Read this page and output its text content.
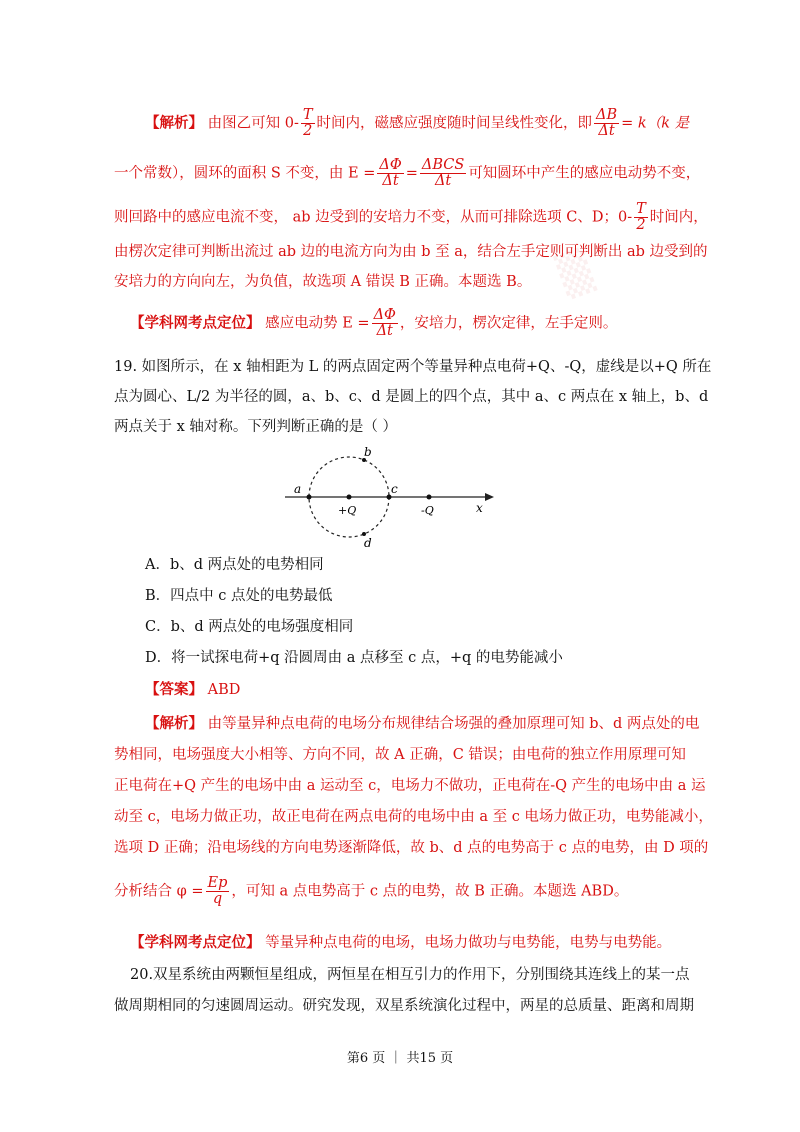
▒
【解析】 由图乙可知 $0- \frac{T}{2}$ 时间内，磁感应强度随时间呈线性变化，即 $\frac{\Delta B}{\Delta t} = k(k$ 是
一个常数），圆环的面积 S 不变，由 $E = \frac{\Delta\Phi}{\Delta t} = \frac{\text{ΔBCS}}{\Delta t}$ 可知圆环中产生的感应电动势不变，
则回路中的感应电流不变， ab 边受到的安培力不变，从而可排除选项 C、D；$0- \frac{T}{2}$ 时间内，
由楞次定律可判断出流过 ab 边的电流方向为由 b 至 a，结合左手定则可判断出 ab 边受到的
安培力的方向向左，为负值，故选项 A 错误 B 正确。本题选 B。
【学科网考点定位】 感应电动势 $E = \frac{\Delta\Phi}{\Delta t}$ ，安培力，楞次定律，左手定则。
19. 如图所示，在 x 轴相距为 L 的两点固定两个等量异种点电荷+Q、-Q，虚线是以+Q 所在
点为圆心、L/2 为半径的圆，a、b、c、d 是圆上的四个点，其中 a、c 两点在 x 轴上，b、d
两点关于 x 轴对称。下列判断正确的是（ ）
a
b
c
d
+Q	-Q	x
A．b、d 两点处的电势相同
B．四点中 c 点处的电势最低
C．b、d 两点处的电场强度相同
D．将一试探电荷+q 沿圆周由 a 点移至 c 点，+q 的电势能减小
【答案】 ABD
【解析】 由等量异种点电荷的电场分布规律结合场强的叠加原理可知 b、d 两点处的电
势相同，电场强度大小相等、方向不同，故 A 正确，C 错误；由电荷的独立作用原理可知
正电荷在+Q 产生的电场中由 a 运动至 c，电场力不做功，正电荷在-Q 产生的电场中由 a 运
动至 c，电场力做正功，故正电荷在两点电荷的电场中由 a 至 c 电场力做正功，电势能减小，
选项 D 正确；沿电场线的方向电势逐渐降低，故 b、d 点的电势高于 c 点的电势，由 D 项的
分析结合 $\varphi = \frac{Ep}{q}$ ，可知 a 点电势高于 c 点的电势，故 B 正确。本题选 ABD。
【学科网考点定位】 等量异种点电荷的电场，电场力做功与电势能，电势与电势能。
20.双星系统由两颗恒星组成，两恒星在相互引力的作用下，分别围绕其连线上的某一点
做周期相同的匀速圆周运动。研究发现，双星系统演化过程中，两星的总质量、距离和周期
第6 页 ｜ 共15 页
